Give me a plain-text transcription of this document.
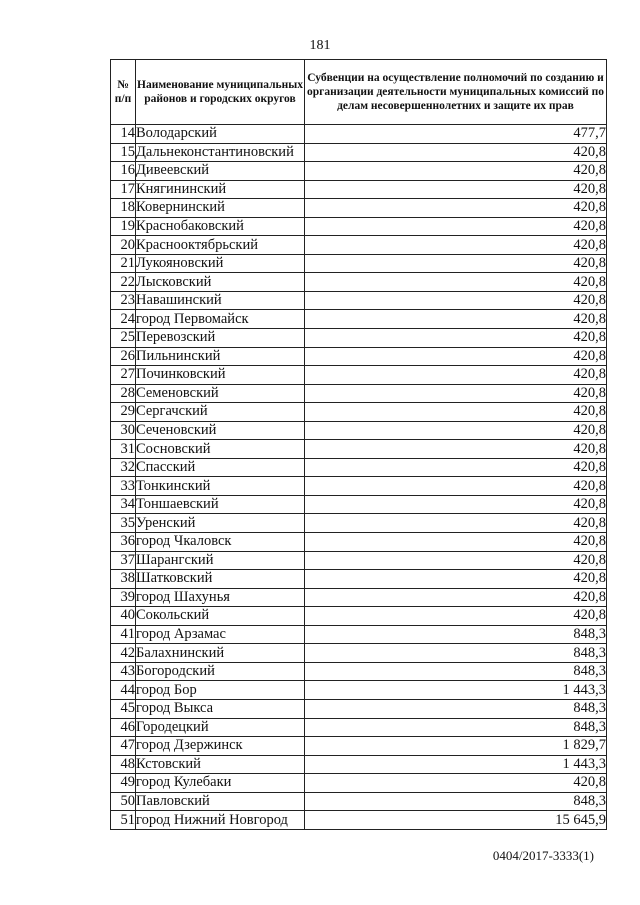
181
№ п/п	Наименование муниципальных районов и городских округов	Субвенции на осуществление полномочий по созданию и организации деятельности муниципальных комиссий по делам несовершеннолетних и защите их прав
14	Володарский	477,7
15	Дальнеконстантиновский	420,8
16	Дивеевский	420,8
17	Княгининский	420,8
18	Ковернинский	420,8
19	Краснобаковский	420,8
20	Краснооктябрьский	420,8
21	Лукояновский	420,8
22	Лысковский	420,8
23	Навашинский	420,8
24	город Первомайск	420,8
25	Перевозский	420,8
26	Пильнинский	420,8
27	Починковский	420,8
28	Семеновский	420,8
29	Сергачский	420,8
30	Сеченовский	420,8
31	Сосновский	420,8
32	Спасский	420,8
33	Тонкинский	420,8
34	Тоншаевский	420,8
35	Уренский	420,8
36	город Чкаловск	420,8
37	Шарангский	420,8
38	Шатковский	420,8
39	город Шахунья	420,8
40	Сокольский	420,8
41	город Арзамас	848,3
42	Балахнинский	848,3
43	Богородский	848,3
44	город Бор	1 443,3
45	город Выкса	848,3
46	Городецкий	848,3
47	город Дзержинск	1 829,7
48	Кстовский	1 443,3
49	город Кулебаки	420,8
50	Павловский	848,3
51	город Нижний Новгород	15 645,9
0404/2017-3333(1)
